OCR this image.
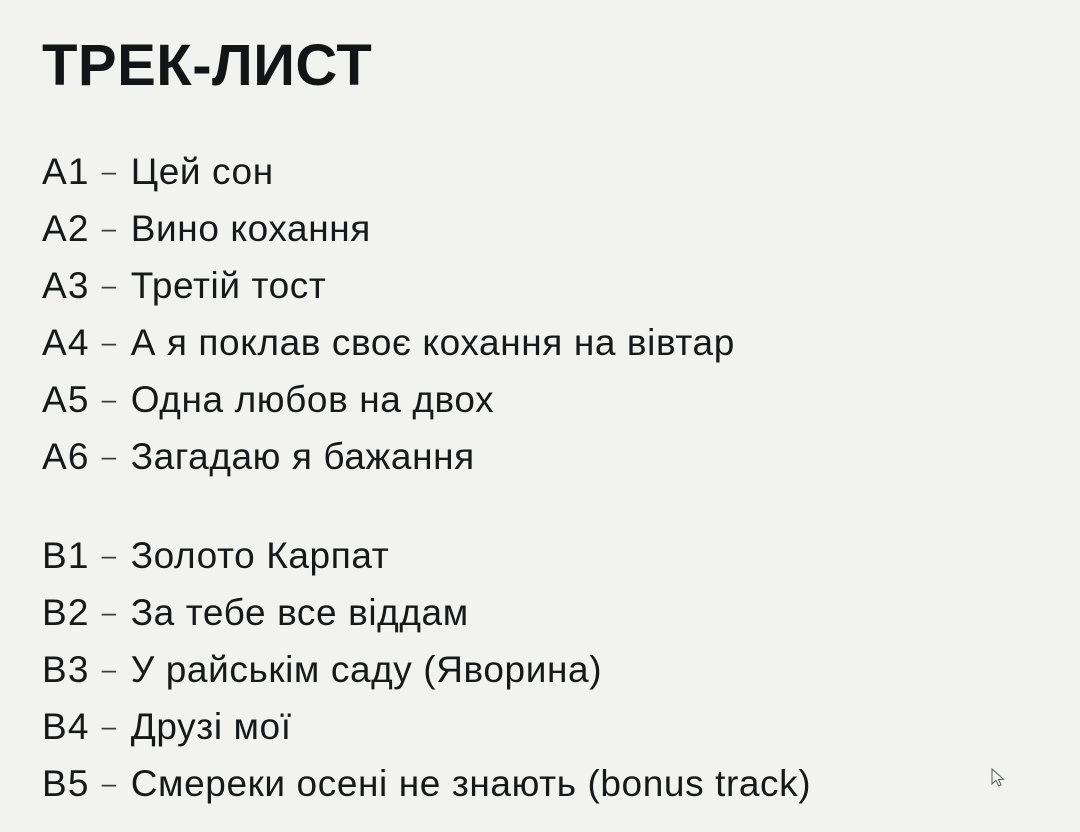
ТРЕК-ЛИСТ
A1 – Цей сон
A2 – Вино кохання
A3 – Третій тост
A4 – А я поклав своє кохання на вівтар
A5 – Одна любов на двох
A6 – Загадаю я бажання
B1 – Золото Карпат
B2 – За тебе все віддам
B3 – У райськім саду (Яворина)
B4 – Друзі мої
B5 – Смереки осені не знають (bonus track)
